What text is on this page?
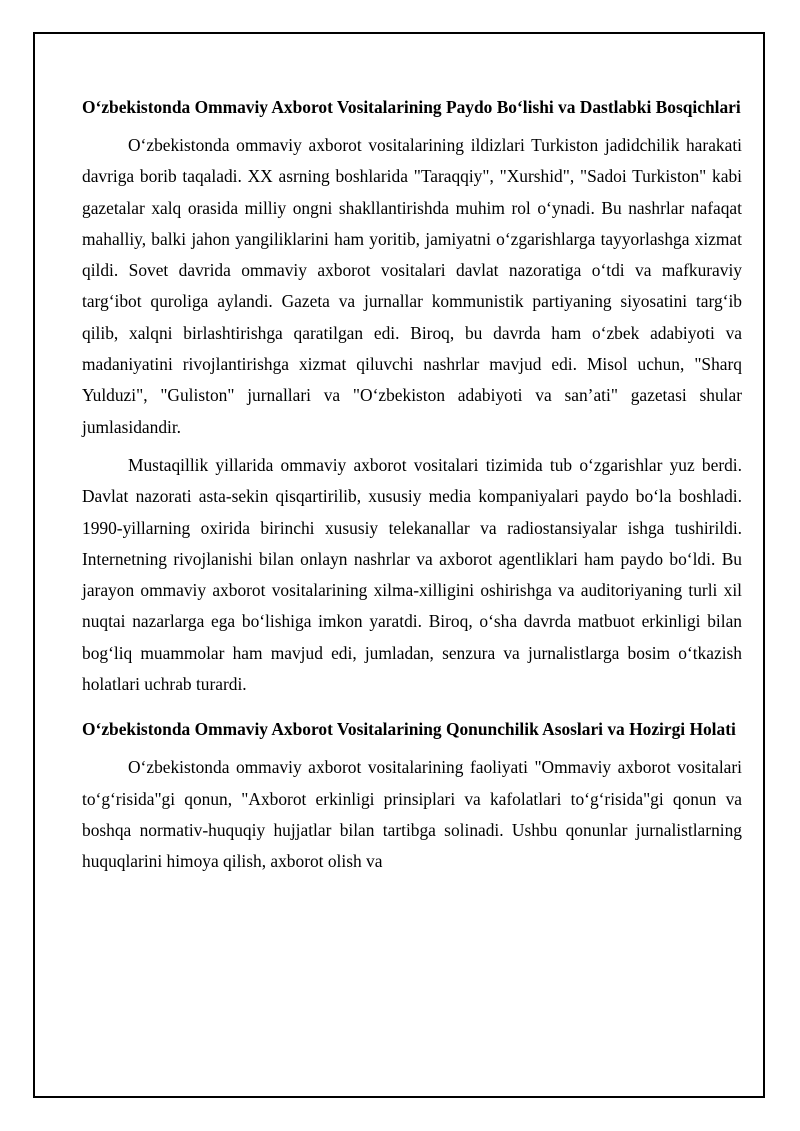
O‘zbekistonda Ommaviy Axborot Vositalarining Paydo Bo‘lishi va Dastlabki Bosqichlari

O‘zbekistonda ommaviy axborot vositalarining ildizlari Turkiston jadidchilik harakati davriga borib taqaladi. XX asrning boshlarida "Taraqqiy", "Xurshid", "Sadoi Turkiston" kabi gazetalar xalq orasida milliy ongni shakllantirishda muhim rol o‘ynadi. Bu nashrlar nafaqat mahalliy, balki jahon yangiliklarini ham yoritib, jamiyatni o‘zgarishlarga tayyorlashga xizmat qildi. Sovet davrida ommaviy axborot vositalari davlat nazoratiga o‘tdi va mafkuraviy targ‘ibot quroliga aylandi. Gazeta va jurnallar kommunistik partiyaning siyosatini targ‘ib qilib, xalqni birlashtirishga qaratilgan edi. Biroq, bu davrda ham o‘zbek adabiyoti va madaniyatini rivojlantirishga xizmat qiluvchi nashrlar mavjud edi. Misol uchun, "Sharq Yulduzi", "Guliston" jurnallari va "O‘zbekiston adabiyoti va san’ati" gazetasi shular jumlasidandir.

Mustaqillik yillarida ommaviy axborot vositalari tizimida tub o‘zgarishlar yuz berdi. Davlat nazorati asta-sekin qisqartirilib, xususiy media kompaniyalari paydo bo‘la boshladi. 1990-yillarning oxirida birinchi xususiy telekanallar va radiostansiyalar ishga tushirildi. Internetning rivojlanishi bilan onlayn nashrlar va axborot agentliklari ham paydo bo‘ldi. Bu jarayon ommaviy axborot vositalarining xilma-xilligini oshirishga va auditoriyaning turli xil nuqtai nazarlarga ega bo‘lishiga imkon yaratdi. Biroq, o‘sha davrda matbuot erkinligi bilan bog‘liq muammolar ham mavjud edi, jumladan, senzura va jurnalistlarga bosim o‘tkazish holatlari uchrab turardi.

O‘zbekistonda Ommaviy Axborot Vositalarining Qonunchilik Asoslari va Hozirgi Holati

O‘zbekistonda ommaviy axborot vositalarining faoliyati "Ommaviy axborot vositalari to‘g‘risida"gi qonun, "Axborot erkinligi prinsiplari va kafolatlari to‘g‘risida"gi qonun va boshqa normativ-huquqiy hujjatlar bilan tartibga solinadi. Ushbu qonunlar jurnalistlarning huquqlarini himoya qilish, axborot olish va
